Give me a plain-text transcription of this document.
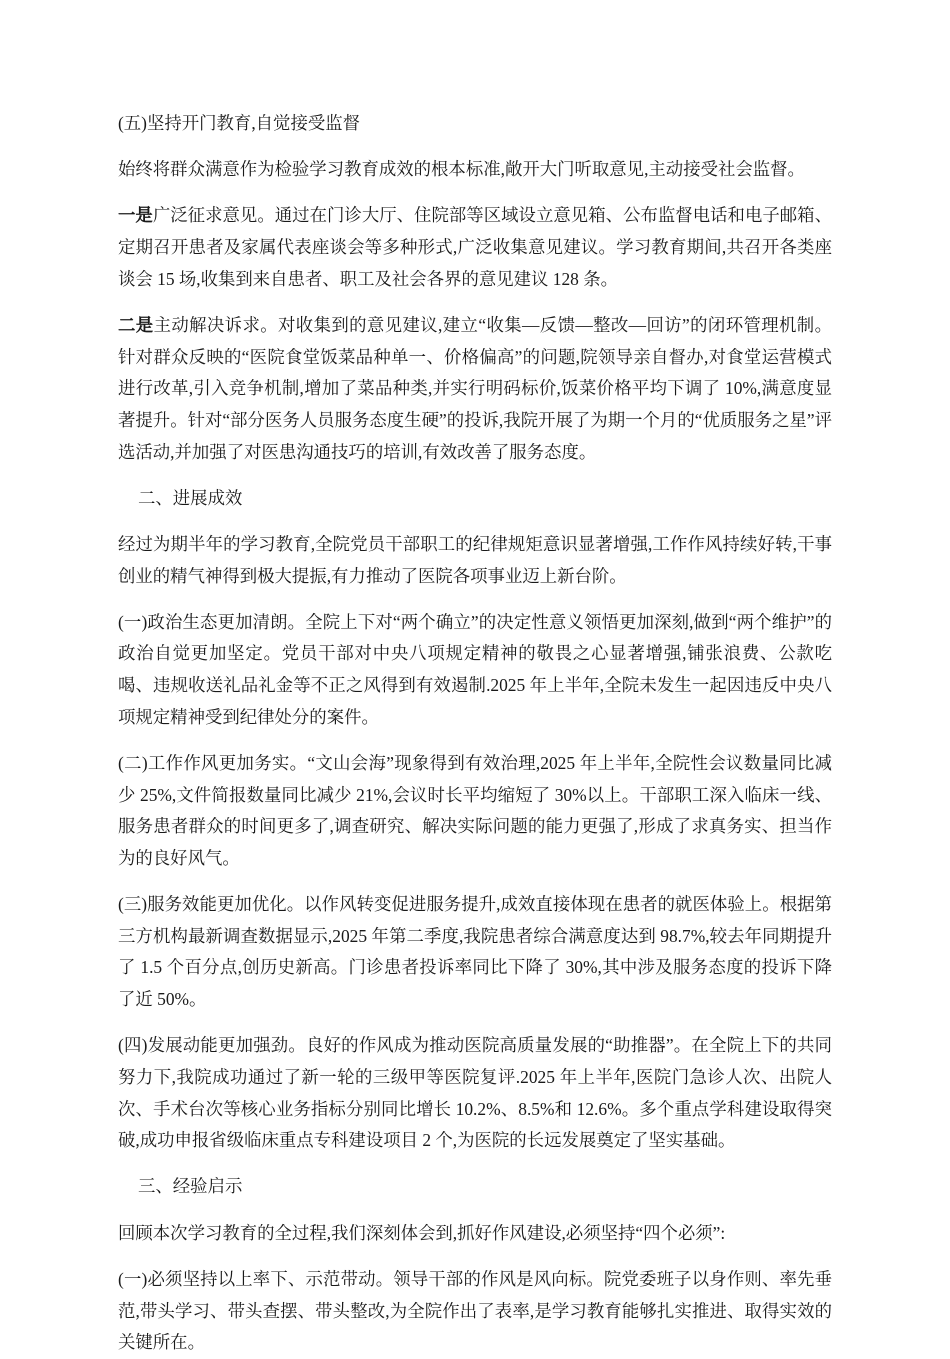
(五)坚持开门教育,自觉接受监督

始终将群众满意作为检验学习教育成效的根本标准,敞开大门听取意见,主动接受社会监督。

一是广泛征求意见。通过在门诊大厅、住院部等区域设立意见箱、公布监督电话和电子邮箱、定期召开患者及家属代表座谈会等多种形式,广泛收集意见建议。学习教育期间,共召开各类座谈会 15 场,收集到来自患者、职工及社会各界的意见建议 128 条。

二是主动解决诉求。对收集到的意见建议,建立“收集—反馈—整改—回访”的闭环管理机制。针对群众反映的“医院食堂饭菜品种单一、价格偏高”的问题,院领导亲自督办,对食堂运营模式进行改革,引入竞争机制,增加了菜品种类,并实行明码标价,饭菜价格平均下调了 10%,满意度显著提升。针对“部分医务人员服务态度生硬”的投诉,我院开展了为期一个月的“优质服务之星”评选活动,并加强了对医患沟通技巧的培训,有效改善了服务态度。

二、进展成效

经过为期半年的学习教育,全院党员干部职工的纪律规矩意识显著增强,工作作风持续好转,干事创业的精气神得到极大提振,有力推动了医院各项事业迈上新台阶。

(一)政治生态更加清朗。全院上下对“两个确立”的决定性意义领悟更加深刻,做到“两个维护”的政治自觉更加坚定。党员干部对中央八项规定精神的敬畏之心显著增强,铺张浪费、公款吃喝、违规收送礼品礼金等不正之风得到有效遏制.2025 年上半年,全院未发生一起因违反中央八项规定精神受到纪律处分的案件。

(二)工作作风更加务实。“文山会海”现象得到有效治理,2025 年上半年,全院性会议数量同比减少 25%,文件简报数量同比减少 21%,会议时长平均缩短了 30%以上。干部职工深入临床一线、服务患者群众的时间更多了,调查研究、解决实际问题的能力更强了,形成了求真务实、担当作为的良好风气。

(三)服务效能更加优化。以作风转变促进服务提升,成效直接体现在患者的就医体验上。根据第三方机构最新调查数据显示,2025 年第二季度,我院患者综合满意度达到 98.7%,较去年同期提升了 1.5 个百分点,创历史新高。门诊患者投诉率同比下降了 30%,其中涉及服务态度的投诉下降了近 50%。

(四)发展动能更加强劲。良好的作风成为推动医院高质量发展的“助推器”。在全院上下的共同努力下,我院成功通过了新一轮的三级甲等医院复评.2025 年上半年,医院门急诊人次、出院人次、手术台次等核心业务指标分别同比增长 10.2%、8.5%和 12.6%。多个重点学科建设取得突破,成功申报省级临床重点专科建设项目 2 个,为医院的长远发展奠定了坚实基础。

三、经验启示

回顾本次学习教育的全过程,我们深刻体会到,抓好作风建设,必须坚持“四个必须”:

(一)必须坚持以上率下、示范带动。领导干部的作风是风向标。院党委班子以身作则、率先垂范,带头学习、带头查摆、带头整改,为全院作出了表率,是学习教育能够扎实推进、取得实效的关键所在。
